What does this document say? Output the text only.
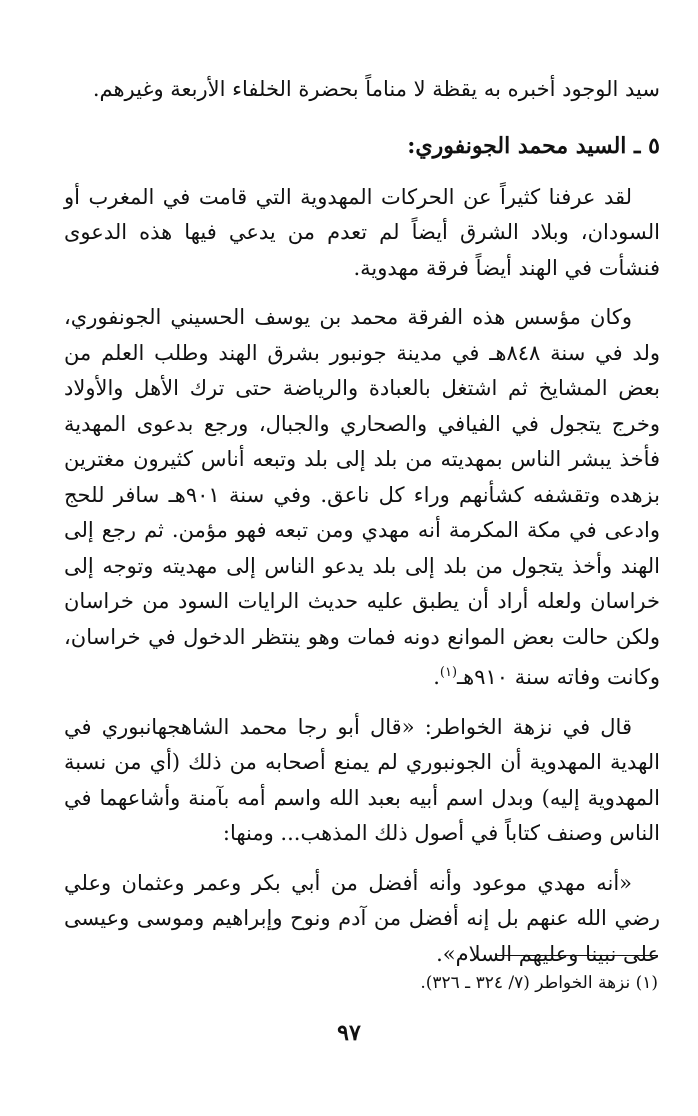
سيد الوجود أخبره به يقظة لا مناماً بحضرة الخلفاء الأربعة وغيرهم.

٥ ـ السيد محمد الجونفوري:

لقد عرفنا كثيراً عن الحركات المهدوية التي قامت في المغرب أو السودان، وبلاد الشرق أيضاً لم تعدم من يدعي فيها هذه الدعوى فنشأت في الهند أيضاً فرقة مهدوية.

وكان مؤسس هذه الفرقة محمد بن يوسف الحسيني الجونفوري، ولد في سنة ٨٤٨هـ في مدينة جونبور بشرق الهند وطلب العلم من بعض المشايخ ثم اشتغل بالعبادة والرياضة حتى ترك الأهل والأولاد وخرج يتجول في الفيافي والصحاري والجبال، ورجع بدعوى المهدية فأخذ يبشر الناس بمهديته من بلد إلى بلد وتبعه أناس كثيرون مغترين بزهده وتقشفه كشأنهم وراء كل ناعق. وفي سنة ٩٠١هـ سافر للحج وادعى في مكة المكرمة أنه مهدي ومن تبعه فهو مؤمن. ثم رجع إلى الهند وأخذ يتجول من بلد إلى بلد يدعو الناس إلى مهديته وتوجه إلى خراسان ولعله أراد أن يطبق عليه حديث الرايات السود من خراسان ولكن حالت بعض الموانع دونه فمات وهو ينتظر الدخول في خراسان، وكانت وفاته سنة ٩١٠هـ$^{(١)}$.

قال في نزهة الخواطر: «قال أبو رجا محمد الشاهجهانبوري في الهدية المهدوية أن الجونبوري لم يمنع أصحابه من ذلك (أي من نسبة المهدوية إليه) وبدل اسم أبيه بعبد الله واسم أمه بآمنة وأشاعهما في الناس وصنف كتاباً في أصول ذلك المذهب... ومنها:

«أنه مهدي موعود وأنه أفضل من أبي بكر وعمر وعثمان وعلي رضي الله عنهم بل إنه أفضل من آدم ونوح وإبراهيم وموسى وعيسى على نبينا وعليهم السلام».

(١) نزهة الخواطر (٧/ ٣٢٤ ـ ٣٢٦).
٩٧
